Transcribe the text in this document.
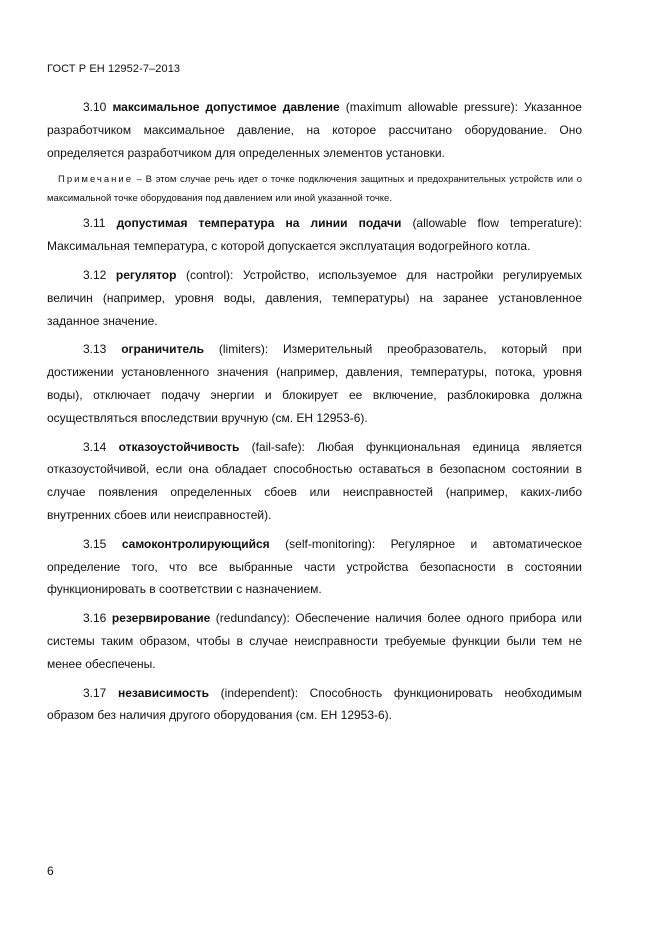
ГОСТ Р ЕН 12952-7–2013

3.10 максимальное допустимое давление (maximum allowable pressure): Указанное разработчиком максимальное давление, на которое рассчитано оборудование. Оно определяется разработчиком для определенных элементов установки.

Примечание – В этом случае речь идет о точке подключения защитных и предохранительных устройств или о максимальной точке оборудования под давлением или иной указанной точке.

3.11 допустимая температура на линии подачи (allowable flow temperature): Максимальная температура, с которой допускается эксплуатация водогрейного котла.

3.12 регулятор (control): Устройство, используемое для настройки регулируемых величин (например, уровня воды, давления, температуры) на заранее установленное заданное значение.

3.13 ограничитель (limiters): Измерительный преобразователь, который при достижении установленного значения (например, давления, температуры, потока, уровня воды), отключает подачу энергии и блокирует ее включение, разблокировка должна осуществляться впоследствии вручную (см. ЕН 12953-6).

3.14 отказоустойчивость (fail-safe): Любая функциональная единица является отказоустойчивой, если она обладает способностью оставаться в безопасном состоянии в случае появления определенных сбоев или неисправностей (например, каких-либо внутренних сбоев или неисправностей).

3.15 самоконтролирующийся (self-monitoring): Регулярное и автоматическое определение того, что все выбранные части устройства безопасности в состоянии функционировать в соответствии с назначением.

3.16 резервирование (redundancy): Обеспечение наличия более одного прибора или системы таким образом, чтобы в случае неисправности требуемые функции были тем не менее обеспечены.

3.17 независимость (independent): Способность функционировать необходимым образом без наличия другого оборудования (см. ЕН 12953-6).

6
